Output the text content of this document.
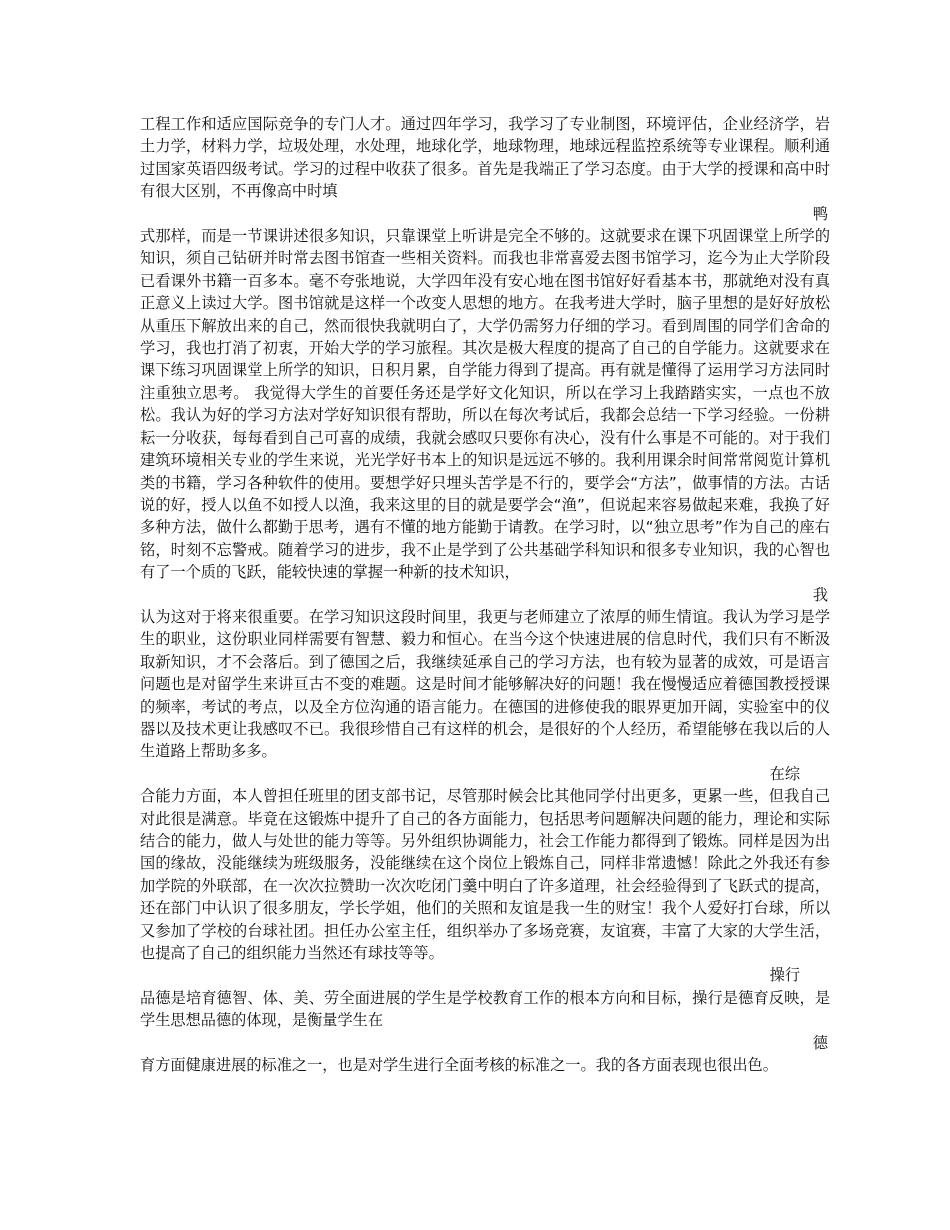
工程工作和适应国际竞争的专门人才。通过四年学习，我学习了专业制图，环境评估，企业经济学，岩土力学，材料力学，垃圾处理，水处理，地球化学，地球物理，地球远程监控系统等专业课程。顺利通过国家英语四级考试。学习的过程中收获了很多。首先是我端正了学习态度。由于大学的授课和高中时有很大区别，不再像高中时填

鸭

式那样，而是一节课讲述很多知识，只靠课堂上听讲是完全不够的。这就要求在课下巩固课堂上所学的知识，须自己钻研并时常去图书馆查一些相关资料。而我也非常喜爱去图书馆学习，迄今为止大学阶段已看课外书籍一百多本。毫不夸张地说，大学四年没有安心地在图书馆好好看基本书，那就绝对没有真正意义上读过大学。图书馆就是这样一个改变人思想的地方。在我考进大学时，脑子里想的是好好放松从重压下解放出来的自己，然而很快我就明白了，大学仍需努力仔细的学习。看到周围的同学们舍命的学习，我也打消了初衷，开始大学的学习旅程。其次是极大程度的提高了自己的自学能力。这就要求在课下练习巩固课堂上所学的知识，日积月累，自学能力得到了提高。再有就是懂得了运用学习方法同时注重独立思考。 我觉得大学生的首要任务还是学好文化知识，所以在学习上我踏踏实实，一点也不放松。我认为好的学习方法对学好知识很有帮助，所以在每次考试后，我都会总结一下学习经验。一份耕耘一分收获，每每看到自己可喜的成绩，我就会感叹只要你有决心，没有什么事是不可能的。对于我们建筑环境相关专业的学生来说，光光学好书本上的知识是远远不够的。我利用课余时间常常阅览计算机类的书籍，学习各种软件的使用。要想学好只埋头苦学是不行的，要学会“方法”，做事情的方法。古话说的好，授人以鱼不如授人以渔，我来这里的目的就是要学会“渔”，但说起来容易做起来难，我换了好多种方法，做什么都勤于思考，遇有不懂的地方能勤于请教。在学习时，以“独立思考”作为自己的座右铭，时刻不忘警戒。随着学习的进步，我不止是学到了公共基础学科知识和很多专业知识，我的心智也有了一个质的飞跃，能较快速的掌握一种新的技术知识，

我

认为这对于将来很重要。在学习知识这段时间里，我更与老师建立了浓厚的师生情谊。我认为学习是学生的职业，这份职业同样需要有智慧、毅力和恒心。在当今这个快速进展的信息时代，我们只有不断汲取新知识，才不会落后。到了德国之后，我继续延承自己的学习方法，也有较为显著的成效，可是语言问题也是对留学生来讲亘古不变的难题。这是时间才能够解决好的问题！我在慢慢适应着德国教授授课的频率，考试的考点，以及全方位沟通的语言能力。在德国的进修使我的眼界更加开阔，实验室中的仪器以及技术更让我感叹不已。我很珍惜自己有这样的机会，是很好的个人经历，希望能够在我以后的人生道路上帮助多多。

在综

合能力方面，本人曾担任班里的团支部书记，尽管那时候会比其他同学付出更多，更累一些，但我自己对此很是满意。毕竟在这锻炼中提升了自己的各方面能力，包括思考问题解决问题的能力，理论和实际结合的能力，做人与处世的能力等等。另外组织协调能力，社会工作能力都得到了锻炼。同样是因为出国的缘故，没能继续为班级服务，没能继续在这个岗位上锻炼自己，同样非常遗憾！除此之外我还有参加学院的外联部，在一次次拉赞助一次次吃闭门羹中明白了许多道理，社会经验得到了飞跃式的提高，还在部门中认识了很多朋友，学长学姐，他们的关照和友谊是我一生的财宝！我个人爱好打台球，所以又参加了学校的台球社团。担任办公室主任，组织举办了多场竞赛，友谊赛，丰富了大家的大学生活，也提高了自己的组织能力当然还有球技等等。

操行

品德是培育德智、体、美、劳全面进展的学生是学校教育工作的根本方向和目标，操行是德育反映，是学生思想品德的体现，是衡量学生在

德

育方面健康进展的标准之一，也是对学生进行全面考核的标准之一。我的各方面表现也很出色。
